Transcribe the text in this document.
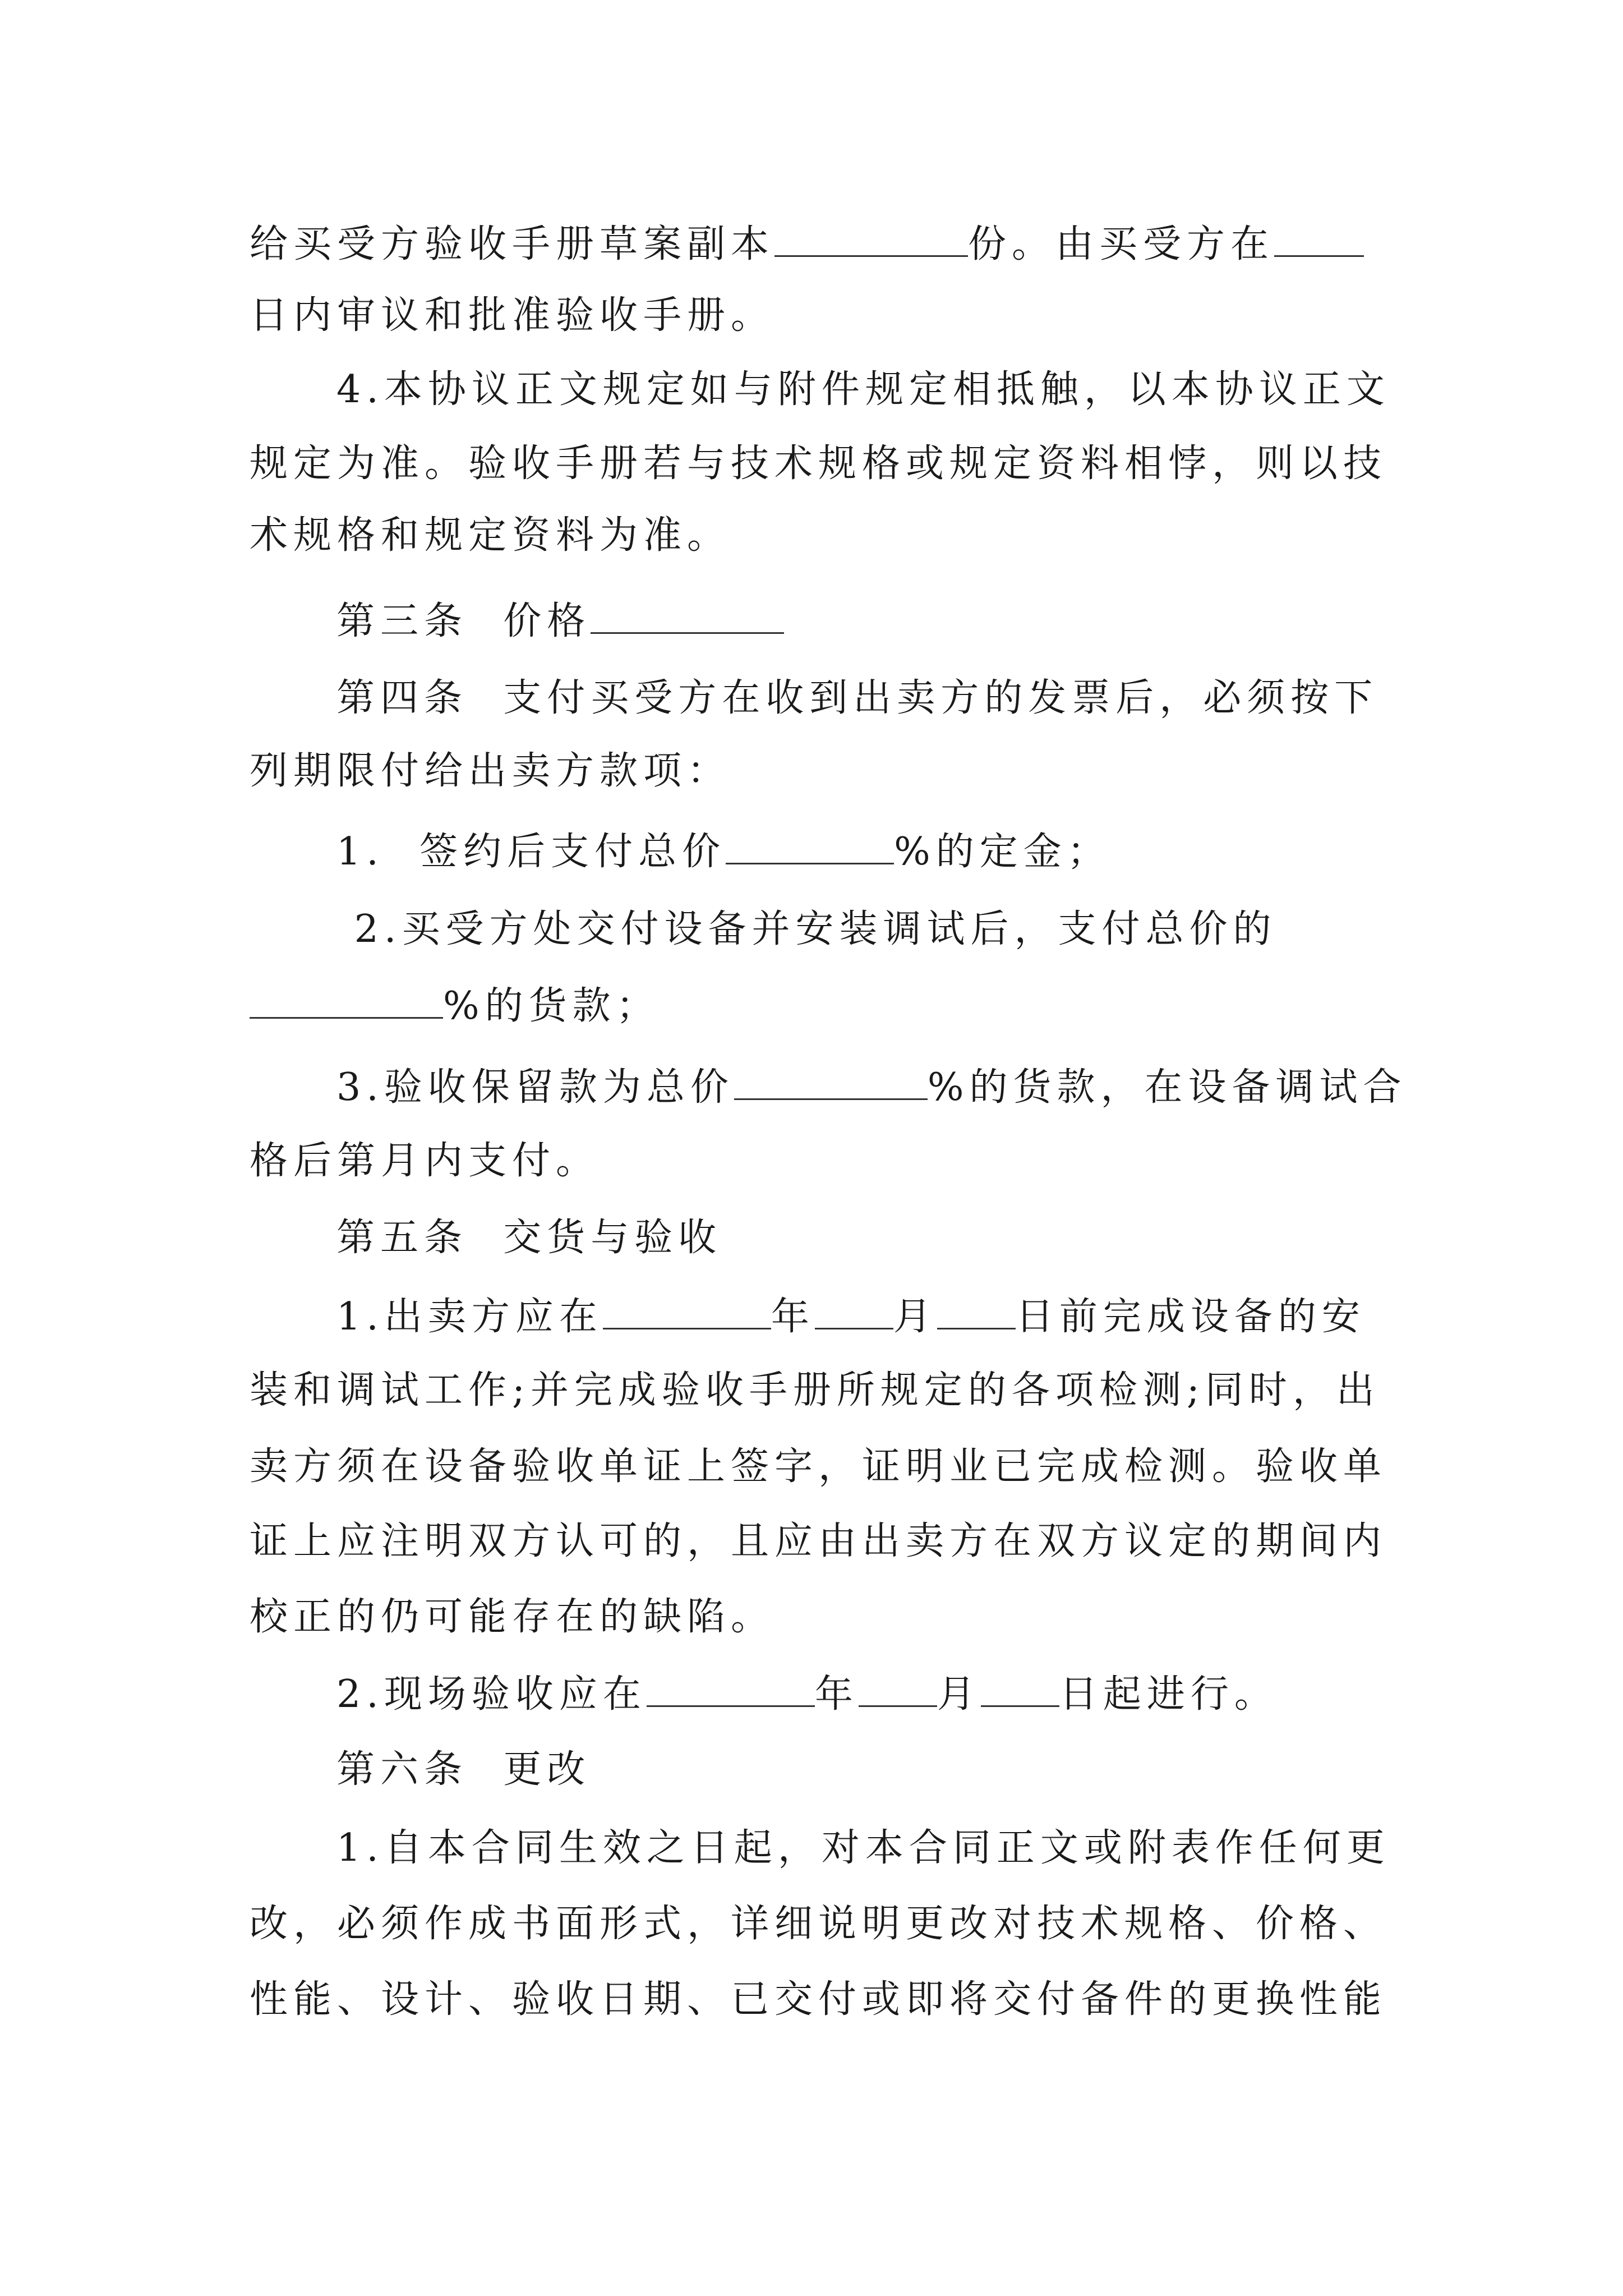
给买受方验收手册草案副本	份。由买受方在
日内审议和批准验收手册。
4.本协议正文规定如与附件规定相抵触，以本协议正文
规定为准。验收手册若与技术规格或规定资料相悖，则以技
术规格和规定资料为准。
第三条  价格
第四条  支付买受方在收到出卖方的发票后，必须按下
列期限付给出卖方款项：
1.  签约后支付总价	%的定金；
2.买受方处交付设备并安装调试后，支付总价的
%的货款；
3.验收保留款为总价	%的货款，在设备调试合
格后第月内支付。
第五条  交货与验收
1.出卖方应在	年 月 日前完成设备的安
装和调试工作;并完成验收手册所规定的各项检测;同时，出
卖方须在设备验收单证上签字，证明业已完成检测。验收单
证上应注明双方认可的，且应由出卖方在双方议定的期间内
校正的仍可能存在的缺陷。
2.现场验收应在	年 月 日起进行。
第六条  更改
1.自本合同生效之日起，对本合同正文或附表作任何更
改，必须作成书面形式，详细说明更改对技术规格、价格、
性能、设计、验收日期、已交付或即将交付备件的更换性能
